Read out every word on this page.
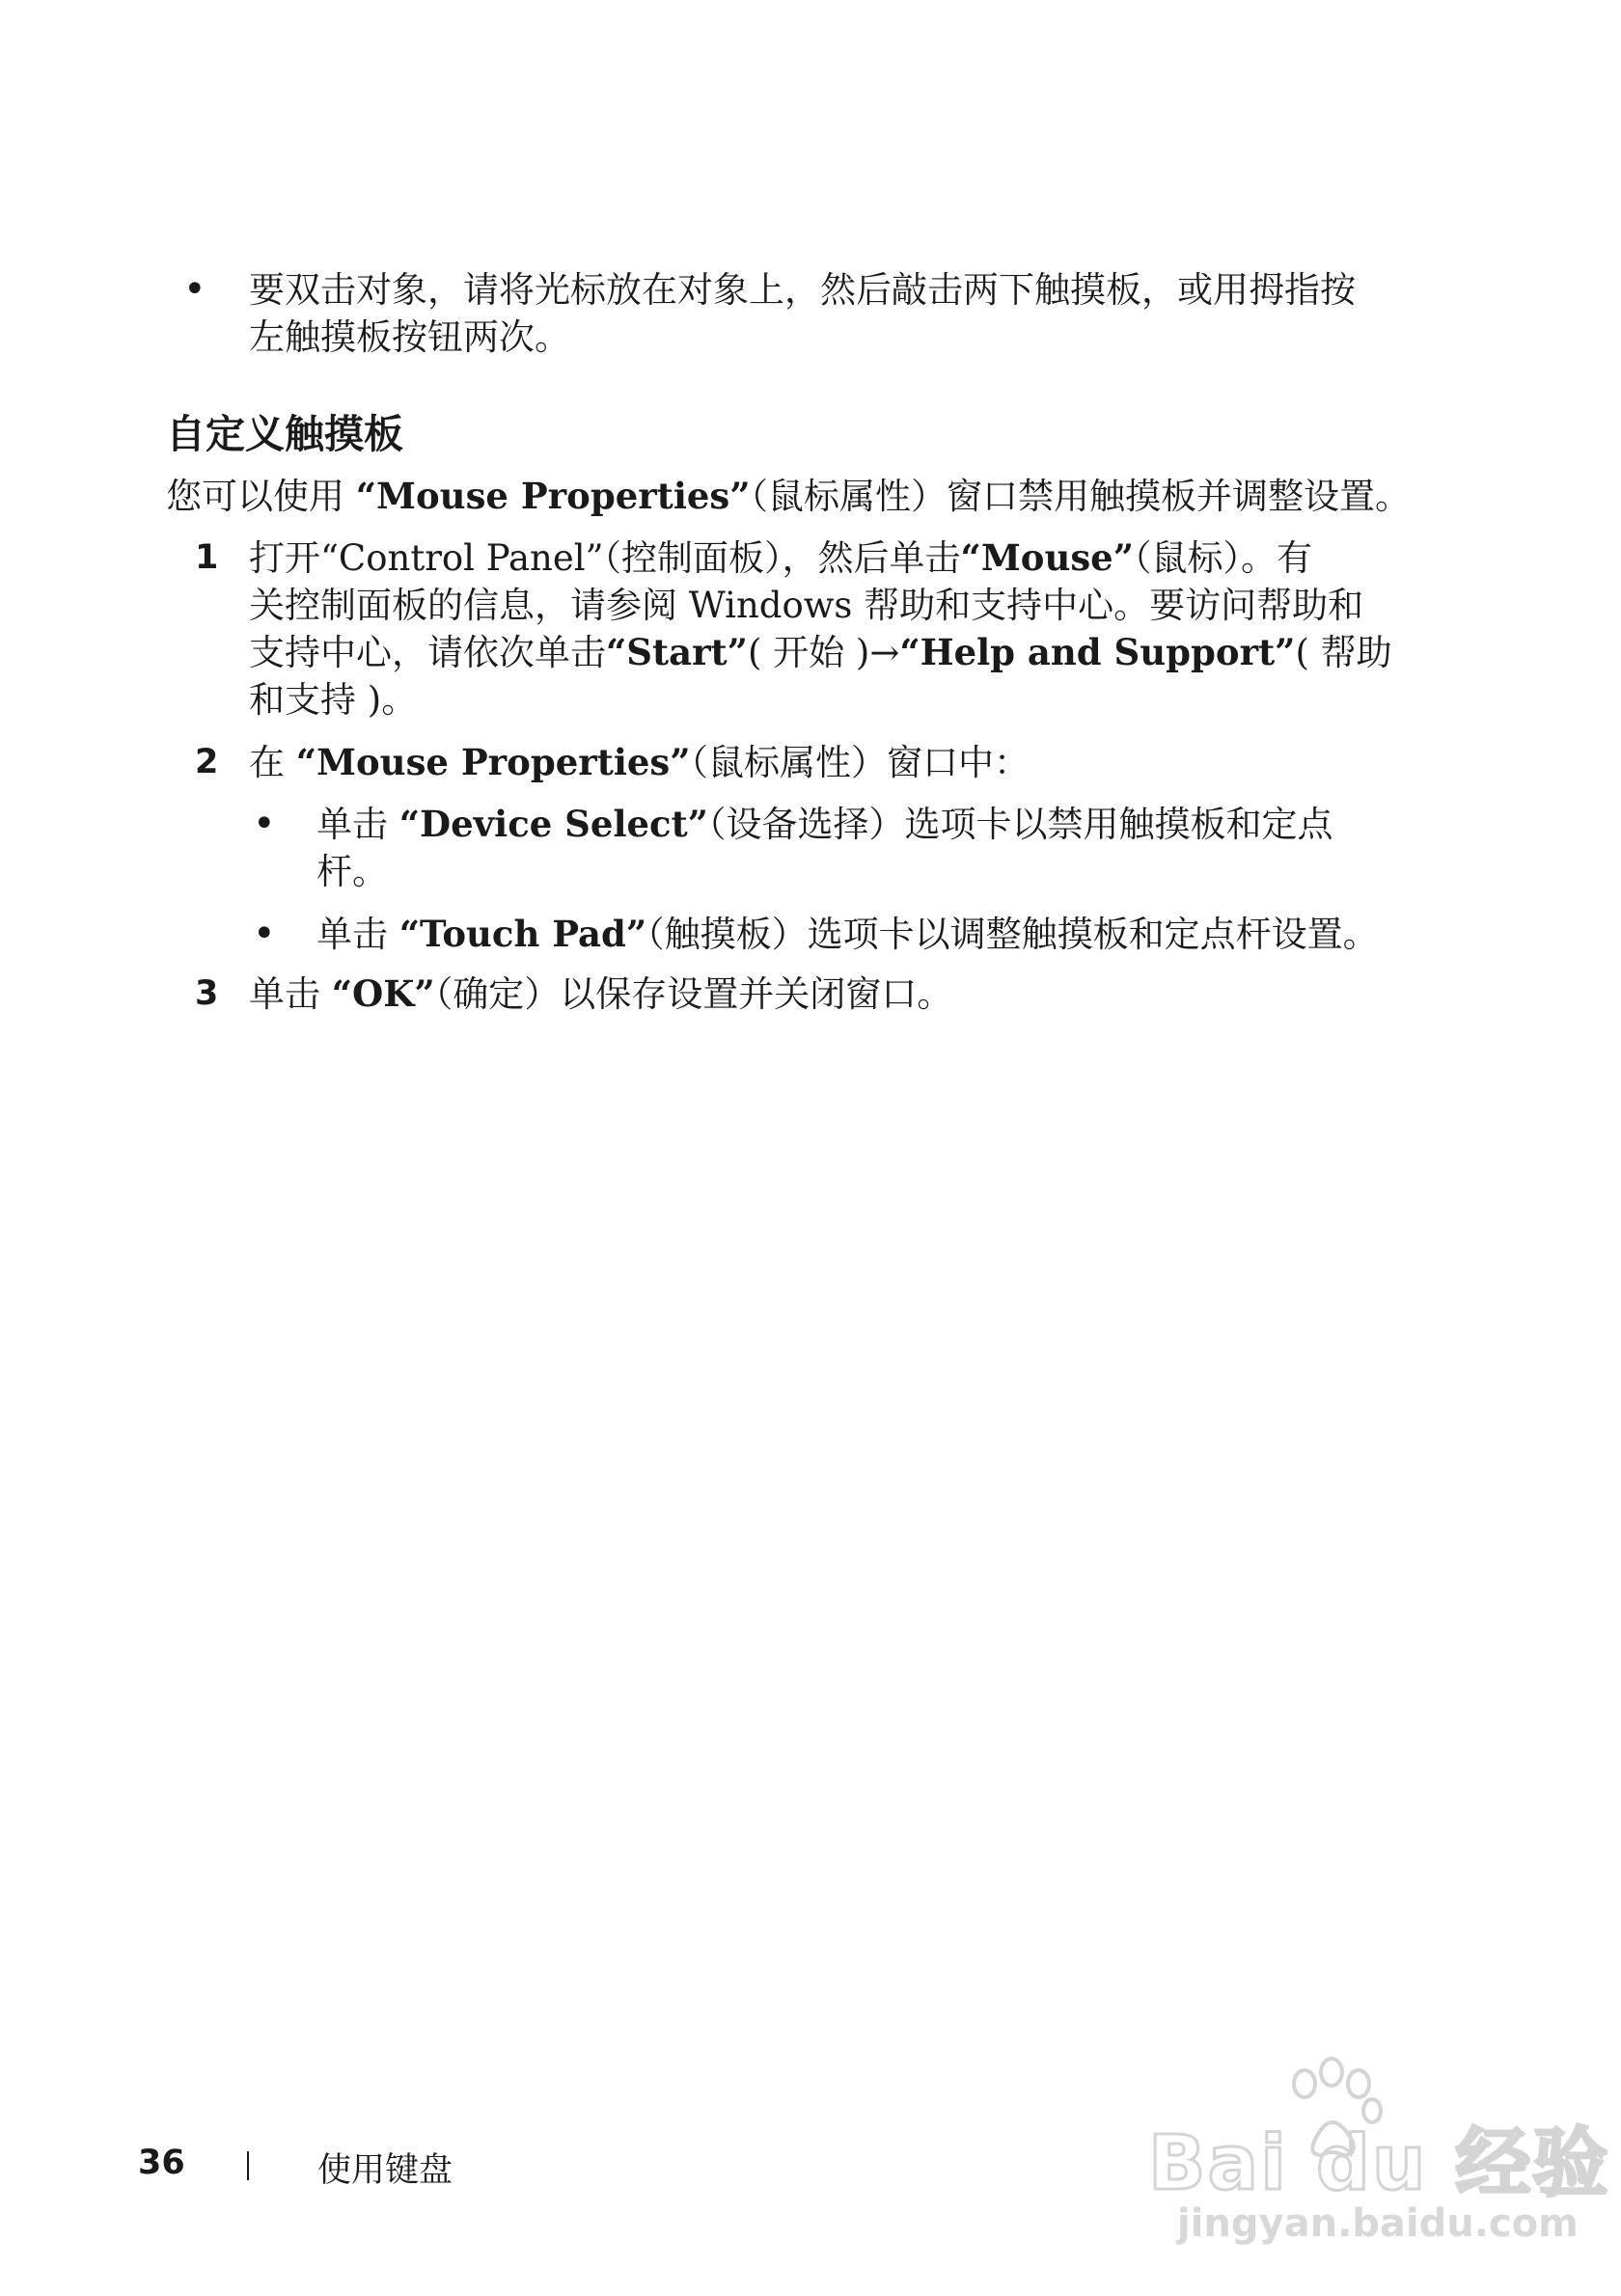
• 要双击对象，请将光标放在对象上，然后敲击两下触摸板，或用拇指按
左触摸板按钮两次。
自定义触摸板
您可以使用 “Mouse Properties”（鼠标属性）窗口禁用触摸板并调整设置。
1 打开“Control Panel”（控制面板），然后单击“Mouse”（鼠标）。有
关控制面板的信息，请参阅 Windows 帮助和支持中心。要访问帮助和
支持中心，请依次单击“Start”( 开始 )→“Help and Support”( 帮助
和支持 )。
2 在 “Mouse Properties”（鼠标属性）窗口中：
• 单击 “Device Select”（设备选择）选项卡以禁用触摸板和定点
杆。
• 单击 “Touch Pad”（触摸板）选项卡以调整触摸板和定点杆设置。
3 单击 “OK”（确定）以保存设置并关闭窗口。
36	使用键盘	Bai du 经验
jingyan.baidu.com
